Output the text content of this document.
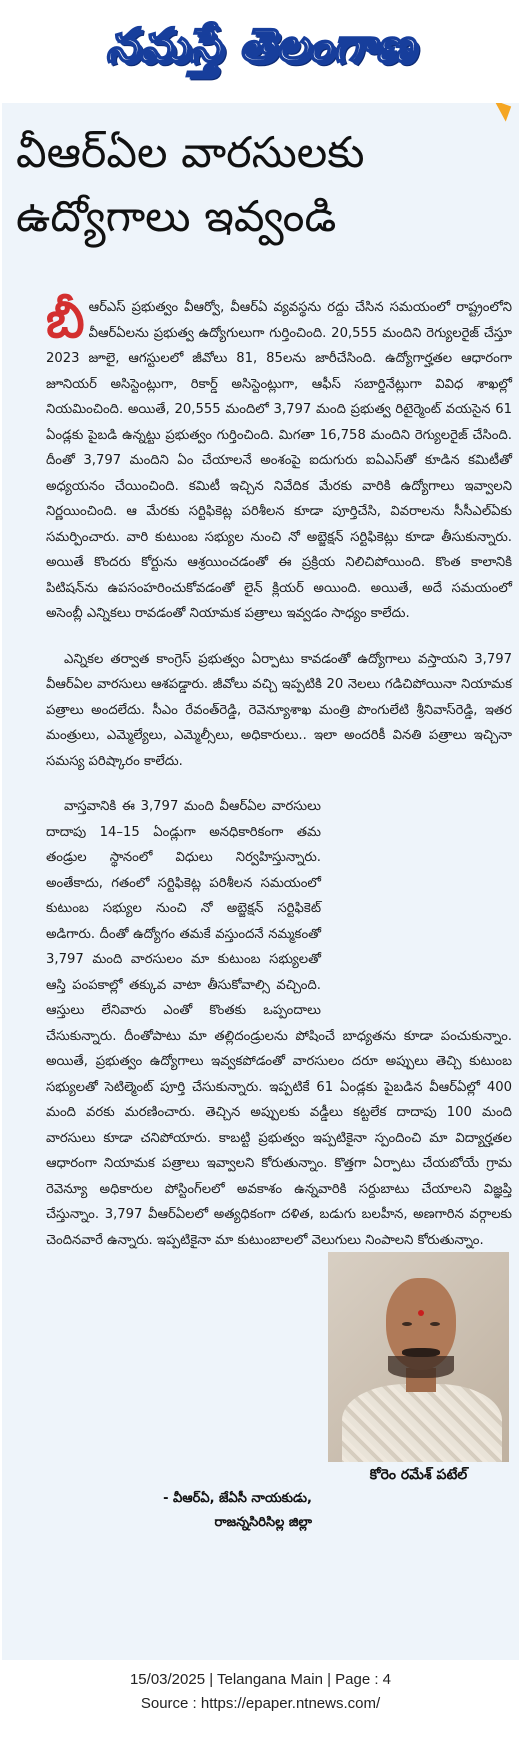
నమస్తే తెలంగాణ
వీఆర్‌ఏల వారసులకు
ఉద్యోగాలు ఇవ్వండి

బీఆర్‌ఎస్ ప్రభుత్వం వీఆర్వో, వీఆర్‌ఏ వ్యవస్థను రద్దు చేసిన సమయంలో రాష్ట్రంలోని వీఆర్‌ఏలను ప్రభుత్వ ఉద్యోగులుగా గుర్తించింది. 20,555 మందిని రెగ్యులరైజ్ చేస్తూ 2023 జూలై, ఆగస్టులలో జీవోలు 81, 85లను జారీచేసింది. ఉద్యోగార్హతల ఆధారంగా జూనియర్ అసిస్టెంట్లుగా, రికార్డ్ అసిస్టెంట్లుగా, ఆఫీస్ సబార్డినేట్లుగా వివిధ శాఖల్లో నియమించింది. అయితే, 20,555 మందిలో 3,797 మంది ప్రభుత్వ రిటైర్మెంట్ వయసైన 61 ఏండ్లకు పైబడి ఉన్నట్టు ప్రభుత్వం గుర్తించింది. మిగతా 16,758 మందిని రెగ్యులరైజ్ చేసింది. దీంతో 3,797 మందిని ఏం చేయాలనే అంశంపై ఐదుగురు ఐఏఎస్‌తో కూడిన కమిటీతో అధ్యయనం చేయించింది. కమిటీ ఇచ్చిన నివేదిక మేరకు వారికి ఉద్యోగాలు ఇవ్వాలని నిర్ణయించింది. ఆ మేరకు సర్టిఫికెట్ల పరిశీలన కూడా పూర్తిచేసి, వివరాలను సీసీఎల్‌ఏకు సమర్పించారు. వారి కుటుంబ సభ్యుల నుంచి నో అబ్జెక్షన్ సర్టిఫికెట్లు కూడా తీసుకున్నారు. అయితే కొందరు కోర్టును ఆశ్రయించడంతో ఈ ప్రక్రియ నిలిచిపోయింది. కొంత కాలానికి పిటిషన్‌ను ఉపసంహరించుకోవడంతో లైన్ క్లియర్ అయింది. అయితే, అదే సమయంలో అసెంబ్లీ ఎన్నికలు రావడంతో నియామక పత్రాలు ఇవ్వడం సాధ్యం కాలేదు.

ఎన్నికల తర్వాత కాంగ్రెస్ ప్రభుత్వం ఏర్పాటు కావడంతో ఉద్యోగాలు వస్తాయని 3,797 వీఆర్‌ఏల వారసులు ఆశపడ్డారు. జీవోలు వచ్చి ఇప్పటికి 20 నెలలు గడిచిపోయినా నియామక పత్రాలు అందలేదు. సీఎం రేవంత్‌రెడ్డి, రెవెన్యూశాఖ మంత్రి పొంగులేటి శ్రీనివాస్‌రెడ్డి, ఇతర మంత్రులు, ఎమ్మెల్యేలు, ఎమ్మెల్సీలు, అధికారులు.. ఇలా అందరికీ వినతి పత్రాలు ఇచ్చినా సమస్య పరిష్కారం కాలేదు.

వాస్తవానికి ఈ 3,797 మంది వీఆర్‌ఏల వారసులు దాదాపు 14–15 ఏండ్లుగా అనధికారికంగా తమ తండ్రుల స్థానంలో విధులు నిర్వహిస్తున్నారు. అంతేకాదు, గతంలో సర్టిఫికెట్ల పరిశీలన సమయంలో కుటుంబ సభ్యుల నుంచి నో అబ్జెక్షన్ సర్టిఫికెట్ అడిగారు. దీంతో ఉద్యోగం తమకే వస్తుందనే నమ్మకంతో 3,797 మంది వారసులం మా కుటుంబ సభ్యులతో ఆస్తి పంపకాల్లో తక్కువ వాటా తీసుకోవాల్సి వచ్చింది. ఆస్తులు లేనివారు ఎంతో కొంతకు ఒప్పందాలు చేసుకున్నారు. దీంతోపాటు మా తల్లిదండ్రులను పోషించే బాధ్యతను కూడా పంచుకున్నాం. అయితే, ప్రభుత్వం ఉద్యోగాలు ఇవ్వకపోడంతో వారసులం దరూ అప్పులు తెచ్చి కుటుంబ సభ్యులతో సెటిల్మెంట్ పూర్తి చేసుకున్నారు. ఇప్పటికే 61 ఏండ్లకు పైబడిన వీఆర్‌ఏల్లో 400 మంది వరకు మరణించారు. తెచ్చిన అప్పులకు వడ్డీలు కట్టలేక దాదాపు 100 మంది వారసులు కూడా చనిపోయారు. కాబట్టి ప్రభుత్వం ఇప్పటికైనా స్పందించి మా విద్యార్హతల ఆధారంగా నియామక పత్రాలు ఇవ్వాలని కోరుతున్నాం. కొత్తగా ఏర్పాటు చేయబోయే గ్రామ రెవెన్యూ అధికారుల పోస్టింగ్‌లలో అవకాశం ఉన్నవారికి సర్దుబాటు చేయాలని విజ్ఞప్తి చేస్తున్నాం. 3,797 వీఆర్‌ఏలలో అత్యధికంగా దళిత, బడుగు బలహీన, అణగారిన వర్గాలకు చెందినవారే ఉన్నారు. ఇప్పటికైనా మా కుటుంబాలలో వెలుగులు నింపాలని కోరుతున్నాం.

కోరెం రమేశ్ పటేల్
- వీఆర్‌ఏ, జేఏసీ నాయకుడు,
రాజన్నసిరిసిల్ల జిల్లా
15/03/2025 | Telangana Main | Page : 4
Source : https://epaper.ntnews.com/
